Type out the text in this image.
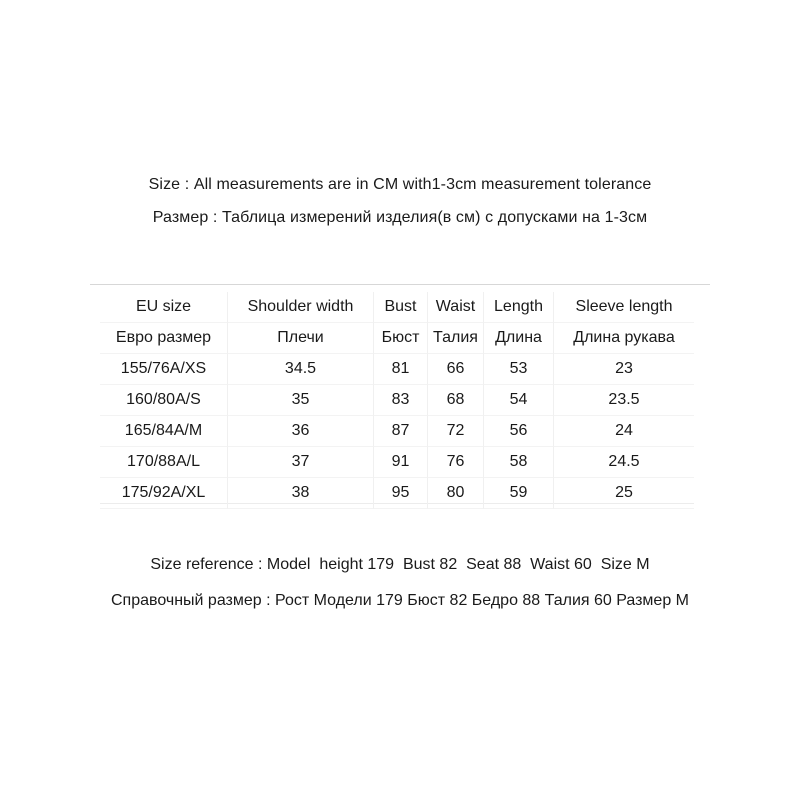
Size : All measurements are in CM with1-3cm measurement tolerance
Размер : Таблица измерений изделия(в см) с допусками на 1-3см
EU size	Shoulder width	Bust	Waist	Length	Sleeve length
Евро размер	Плечи	Бюст	Талия	Длина	Длина рукава
155/76A/XS	34.5	81	66	53	23
160/80A/S	35	83	68	54	23.5
165/84A/M	36	87	72	56	24
170/88A/L	37	91	76	58	24.5
175/92A/XL	38	95	80	59	25
Size reference : Model  height 179  Bust 82  Seat 88  Waist 60  Size M
Справочный размер : Рост Модели 179 Бюст 82 Бедро 88 Талия 60 Размер M
